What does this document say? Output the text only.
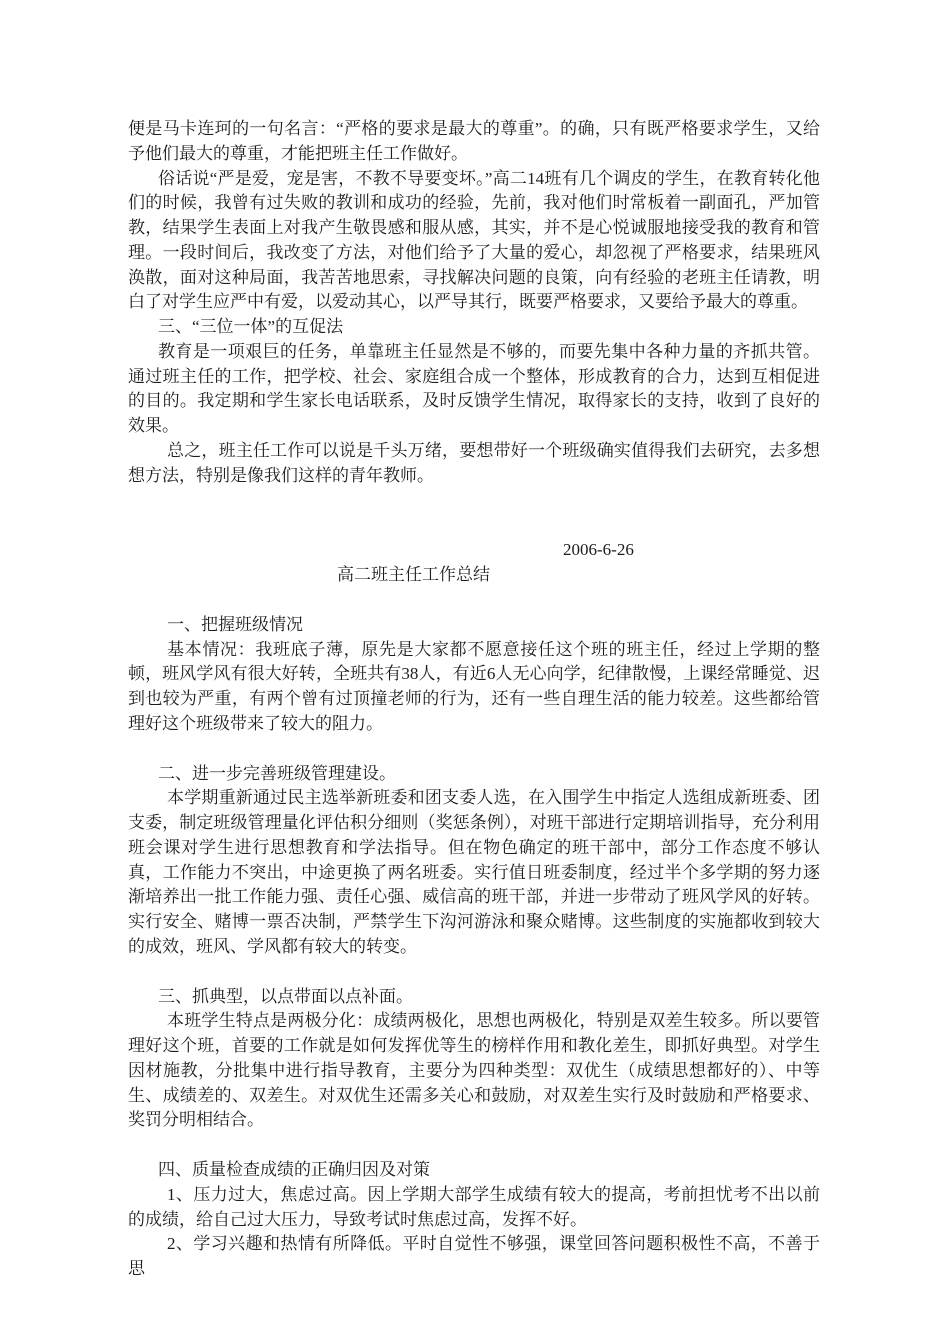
便是马卡连珂的一句名言：“严格的要求是最大的尊重”。的确，只有既严格要求学生，又给予他们最大的尊重，才能把班主任工作做好。

俗话说“严是爱，宠是害，不教不导要变坏。”高二14班有几个调皮的学生，在教育转化他们的时候，我曾有过失败的教训和成功的经验，先前，我对他们时常板着一副面孔，严加管教，结果学生表面上对我产生敬畏感和服从感，其实，并不是心悦诚服地接受我的教育和管理。一段时间后，我改变了方法，对他们给予了大量的爱心，却忽视了严格要求，结果班风涣散，面对这种局面，我苦苦地思索，寻找解决问题的良策，向有经验的老班主任请教，明白了对学生应严中有爱，以爱动其心，以严导其行，既要严格要求，又要给予最大的尊重。

三、“三位一体”的互促法

教育是一项艰巨的任务，单靠班主任显然是不够的，而要先集中各种力量的齐抓共管。通过班主任的工作，把学校、社会、家庭组合成一个整体，形成教育的合力，达到互相促进的目的。我定期和学生家长电话联系，及时反馈学生情况，取得家长的支持，收到了良好的效果。

总之，班主任工作可以说是千头万绪，要想带好一个班级确实值得我们去研究，去多想想方法，特别是像我们这样的青年教师。

2006-6-26

高二班主任工作总结

一、把握班级情况

基本情况：我班底子薄，原先是大家都不愿意接任这个班的班主任，经过上学期的整顿，班风学风有很大好转，全班共有38人，有近6人无心向学，纪律散慢，上课经常睡觉、迟到也较为严重，有两个曾有过顶撞老师的行为，还有一些自理生活的能力较差。这些都给管理好这个班级带来了较大的阻力。

二、进一步完善班级管理建设。

本学期重新通过民主选举新班委和团支委人选，在入围学生中指定人选组成新班委、团支委，制定班级管理量化评估积分细则（奖惩条例），对班干部进行定期培训指导，充分利用班会课对学生进行思想教育和学法指导。但在物色确定的班干部中，部分工作态度不够认真，工作能力不突出，中途更换了两名班委。实行值日班委制度，经过半个多学期的努力逐渐培养出一批工作能力强、责任心强、威信高的班干部，并进一步带动了班风学风的好转。实行安全、赌博一票否决制，严禁学生下沟河游泳和聚众赌博。这些制度的实施都收到较大的成效，班风、学风都有较大的转变。

三、抓典型，以点带面以点补面。

本班学生特点是两极分化：成绩两极化，思想也两极化，特别是双差生较多。所以要管理好这个班，首要的工作就是如何发挥优等生的榜样作用和教化差生，即抓好典型。对学生因材施教，分批集中进行指导教育，主要分为四种类型：双优生（成绩思想都好的）、中等生、成绩差的、双差生。对双优生还需多关心和鼓励，对双差生实行及时鼓励和严格要求、奖罚分明相结合。

四、质量检查成绩的正确归因及对策

1、压力过大，焦虑过高。因上学期大部学生成绩有较大的提高，考前担忧考不出以前的成绩，给自己过大压力，导致考试时焦虑过高，发挥不好。

2、学习兴趣和热情有所降低。平时自觉性不够强，课堂回答问题积极性不高，不善于思
